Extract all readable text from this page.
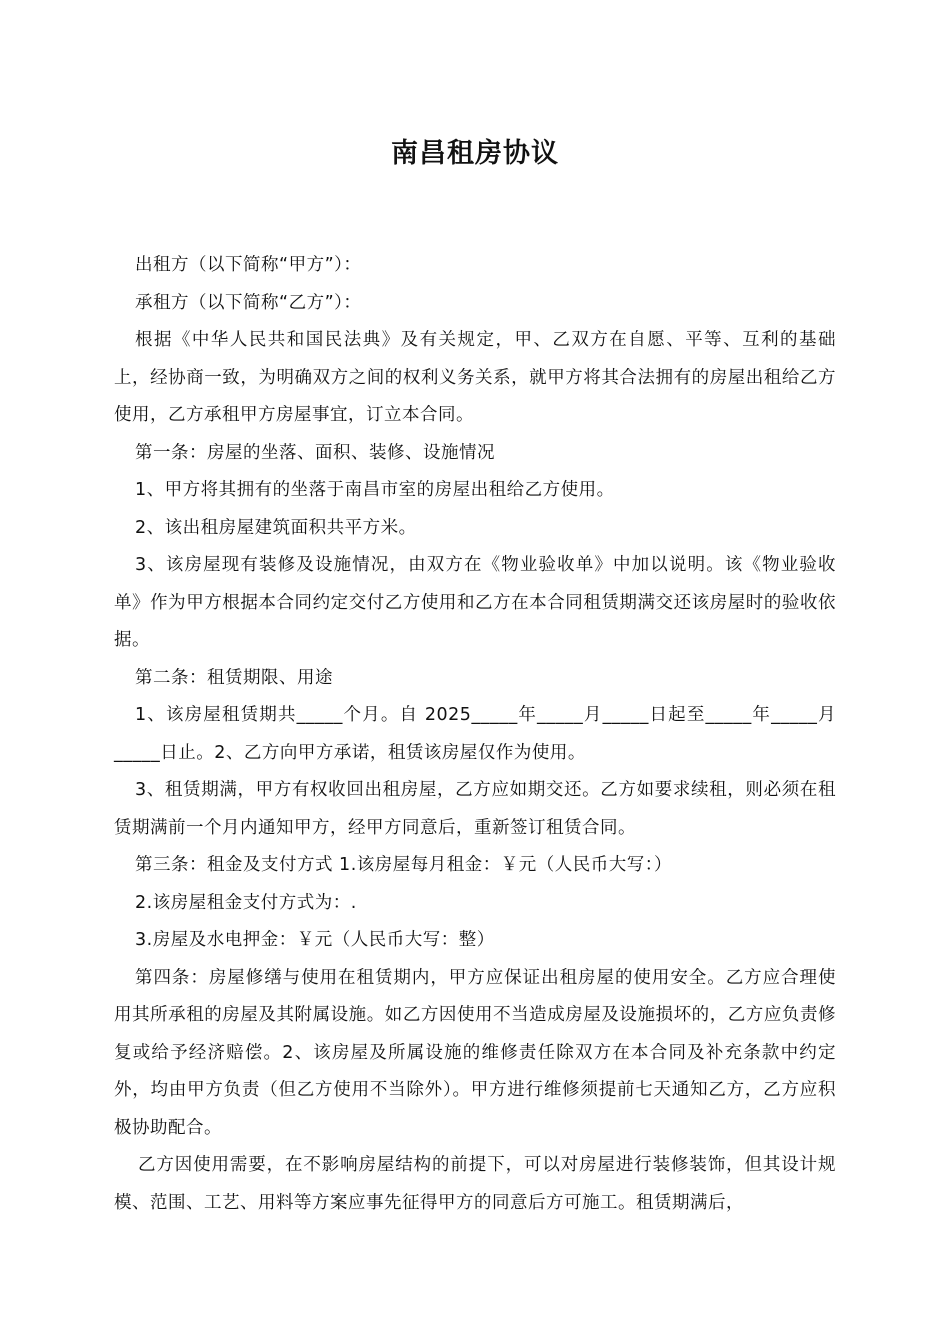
南昌租房协议

出租方（以下简称“甲方”）：

承租方（以下简称“乙方”）：

根据《中华人民共和国民法典》及有关规定，甲、乙双方在自愿、平等、互利的基础上，经协商一致，为明确双方之间的权利义务关系，就甲方将其合法拥有的房屋出租给乙方使用，乙方承租甲方房屋事宜，订立本合同。

第一条：房屋的坐落、面积、装修、设施情况

1、甲方将其拥有的坐落于南昌市室的房屋出租给乙方使用。

2、该出租房屋建筑面积共平方米。

3、该房屋现有装修及设施情况，由双方在《物业验收单》中加以说明。该《物业验收单》作为甲方根据本合同约定交付乙方使用和乙方在本合同租赁期满交还该房屋时的验收依据。

第二条：租赁期限、用途

1、该房屋租赁期共_____个月。自 2025_____年_____月_____日起至_____年_____月_____日止。2、乙方向甲方承诺，租赁该房屋仅作为使用。

3、租赁期满，甲方有权收回出租房屋，乙方应如期交还。乙方如要求续租，则必须在租赁期满前一个月内通知甲方，经甲方同意后，重新签订租赁合同。

第三条：租金及支付方式 1.该房屋每月租金：￥元（人民币大写：）

2.该房屋租金支付方式为：.

3.房屋及水电押金：￥元（人民币大写：整）

第四条：房屋修缮与使用在租赁期内，甲方应保证出租房屋的使用安全。乙方应合理使用其所承租的房屋及其附属设施。如乙方因使用不当造成房屋及设施损坏的，乙方应负责修复或给予经济赔偿。2、该房屋及所属设施的维修责任除双方在本合同及补充条款中约定外，均由甲方负责（但乙方使用不当除外）。甲方进行维修须提前七天通知乙方，乙方应积极协助配合。

乙方因使用需要，在不影响房屋结构的前提下，可以对房屋进行装修装饰，但其设计规模、范围、工艺、用料等方案应事先征得甲方的同意后方可施工。租赁期满后，
